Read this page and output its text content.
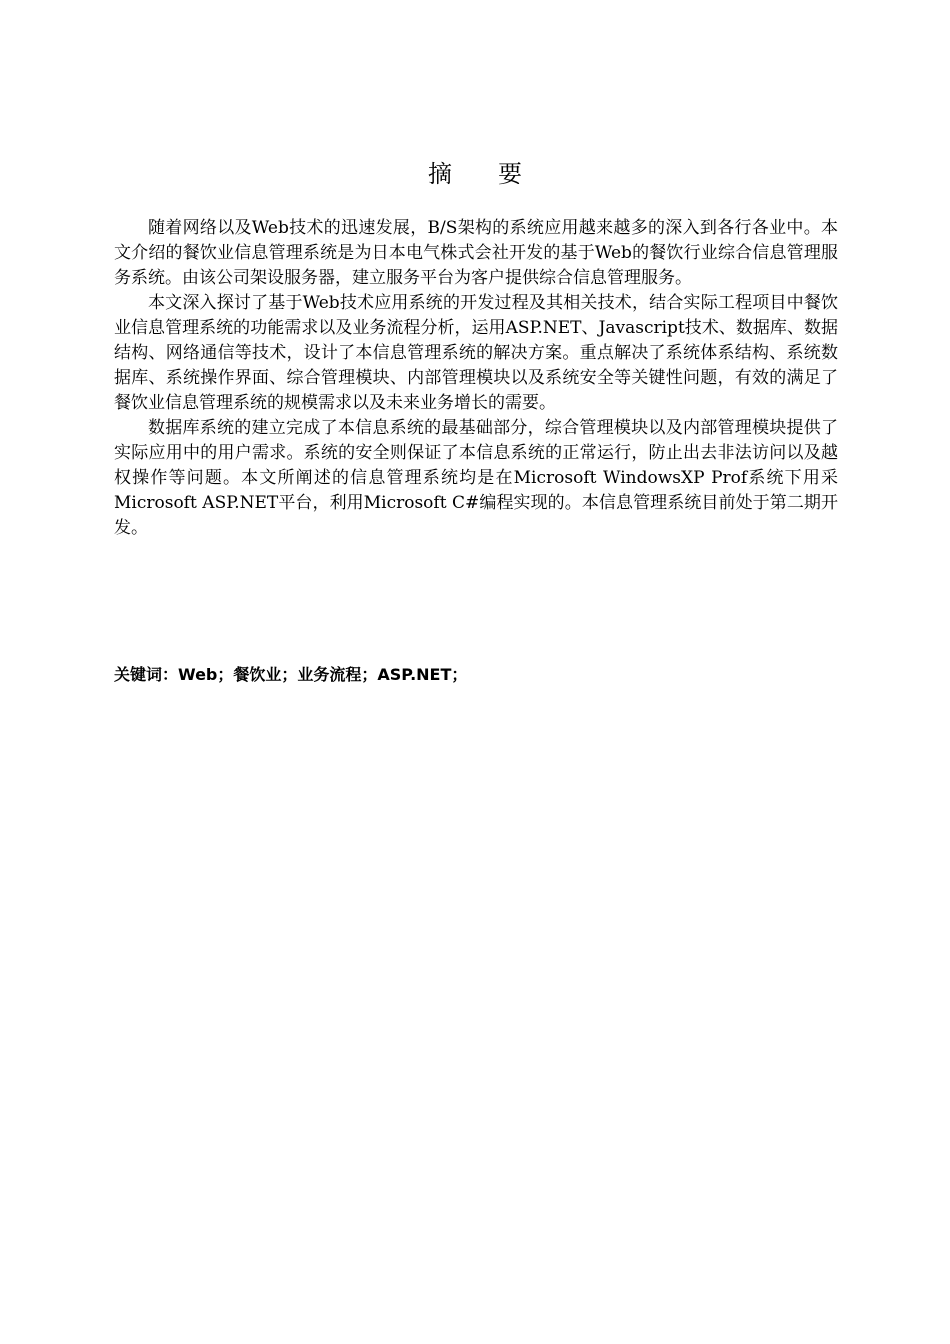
摘 要

随着网络以及Web技术的迅速发展，B/S架构的系统应用越来越多的深入到各行各业中。本文介绍的餐饮业信息管理系统是为日本电气株式会社开发的基于Web的餐饮行业综合信息管理服务系统。由该公司架设服务器，建立服务平台为客户提供综合信息管理服务。

本文深入探讨了基于Web技术应用系统的开发过程及其相关技术，结合实际工程项目中餐饮业信息管理系统的功能需求以及业务流程分析，运用ASP.NET、Javascript技术、数据库、数据结构、网络通信等技术，设计了本信息管理系统的解决方案。重点解决了系统体系结构、系统数据库、系统操作界面、综合管理模块、内部管理模块以及系统安全等关键性问题，有效的满足了餐饮业信息管理系统的规模需求以及未来业务增长的需要。

数据库系统的建立完成了本信息系统的最基础部分，综合管理模块以及内部管理模块提供了实际应用中的用户需求。系统的安全则保证了本信息系统的正常运行，防止出去非法访问以及越权操作等问题。本文所阐述的信息管理系统均是在Microsoft WindowsXP Prof系统下用采Microsoft ASP.NET平台，利用Microsoft C#编程实现的。本信息管理系统目前处于第二期开发。

关键词：Web；餐饮业；业务流程；ASP.NET；
